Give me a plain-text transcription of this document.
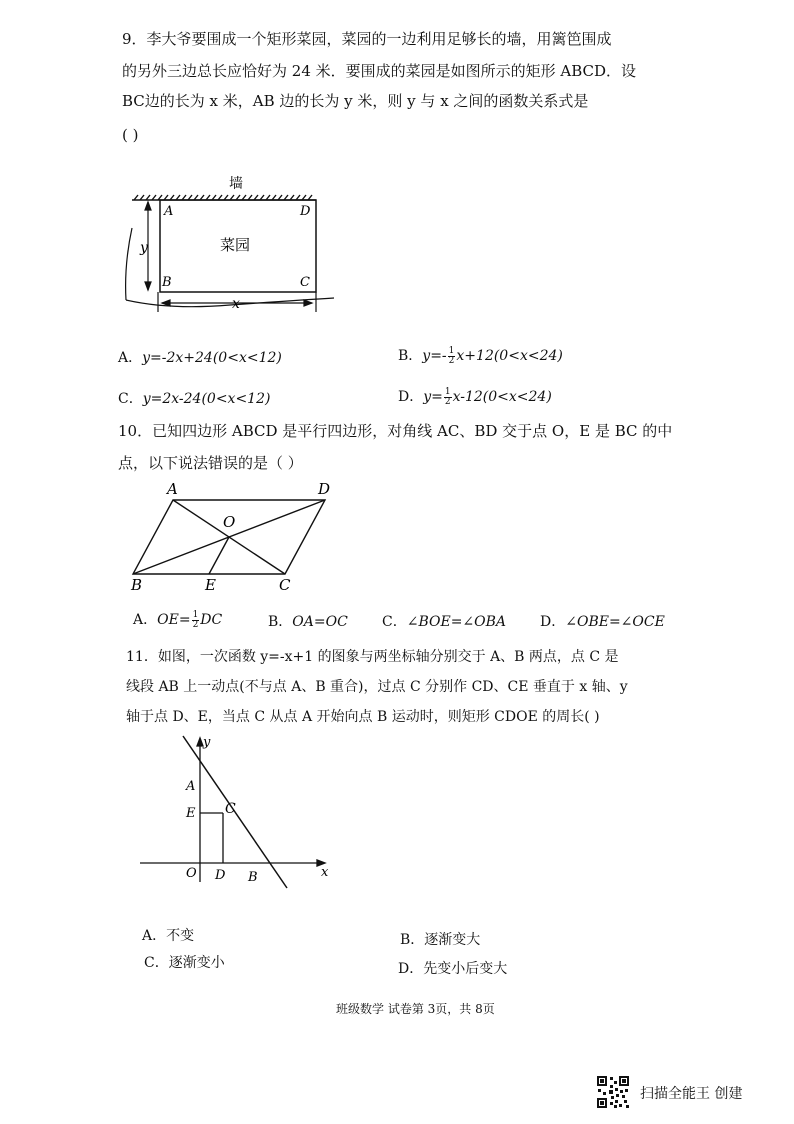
9．李大爷要围成一个矩形菜园，菜园的一边利用足够长的墙，用篱笆围成
的另外三边总长应恰好为 24 米．要围成的菜园是如图所示的矩形 ABCD．设
BC边的长为 x 米，AB 边的长为 y 米，则 y 与 x 之间的函数关系式是
( )
墙
菜园
A	D
B	C
y
x
A．y=-2x+24(0<x<12)	B．$y=- \frac{1}{2} x+12(0<x<24)$
C．y=2x-24(0<x<12)	D．$y= \frac{1}{2} x-12(0<x<24)$
10．已知四边形 ABCD 是平行四边形，对角线 AC、BD 交于点 O，E 是 BC 的中
点，以下说法错误的是（ ）
A	D
O
B	E	C
A．$OE= \frac{1}{2}$ DC	B．OA=OC C．∠BOE=∠OBA D．∠OBE=∠OCE
11．如图，一次函数 y=-x+1 的图象与两坐标轴分别交于 A、B 两点，点 C 是
线段 AB 上一动点(不与点 A、B 重合)，过点 C 分别作 CD、CE 垂直于 x 轴、y
轴于点 D、E，当点 C 从点 A 开始向点 B 运动时，则矩形 CDOE 的周长( )
y
x
A
E C
O D B
A．不变	B．逐渐变大
C．逐渐变小	D．先变小后变大
班级数学 试卷第 3页，共 8页
扫描全能王 创建
